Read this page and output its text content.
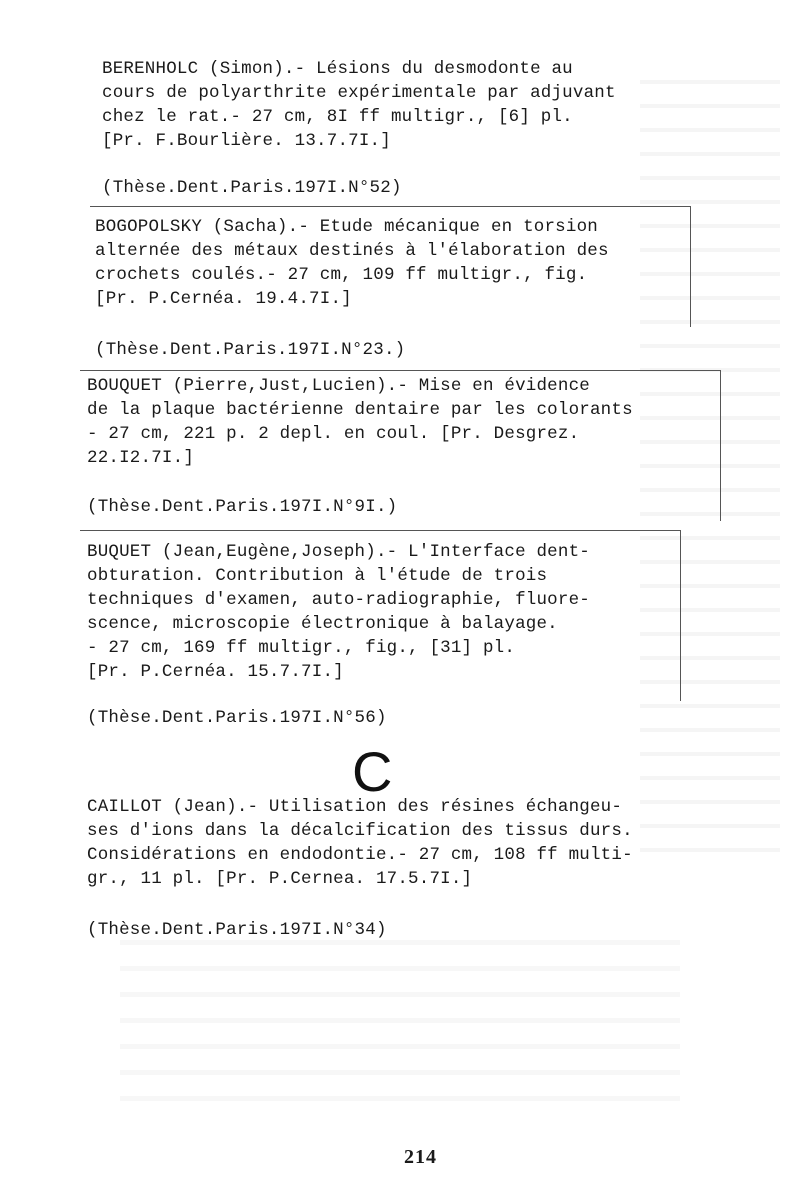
BERENHOLC (Simon).- Lésions du desmodonte au
cours de polyarthrite expérimentale par adjuvant
chez le rat.- 27 cm, 8I ff multigr., [6] pl.
[Pr. F.Bourlière. 13.7.7I.]
(Thèse.Dent.Paris.197I.N°52)
BOGOPOLSKY (Sacha).- Etude mécanique en torsion
alternée des métaux destinés à l'élaboration des
crochets coulés.- 27 cm, 109 ff multigr., fig.
[Pr. P.Cernéa. 19.4.7I.]
(Thèse.Dent.Paris.197I.N°23.)
BOUQUET (Pierre,Just,Lucien).- Mise en évidence
de la plaque bactérienne dentaire par les colorants
- 27 cm, 221 p. 2 depl. en coul. [Pr. Desgrez.
22.I2.7I.]
(Thèse.Dent.Paris.197I.N°9I.)
BUQUET (Jean,Eugène,Joseph).- L'Interface dent-
obturation. Contribution à l'étude de trois
techniques d'examen, auto-radiographie, fluore-
scence, microscopie électronique à balayage.
- 27 cm, 169 ff multigr., fig., [31] pl.
[Pr. P.Cernéa. 15.7.7I.]
(Thèse.Dent.Paris.197I.N°56)
C
CAILLOT (Jean).- Utilisation des résines échangeu-
ses d'ions dans la décalcification des tissus durs.
Considérations en endodontie.- 27 cm, 108 ff multi-
gr., 11 pl. [Pr. P.Cernea. 17.5.7I.]
(Thèse.Dent.Paris.197I.N°34)
214
